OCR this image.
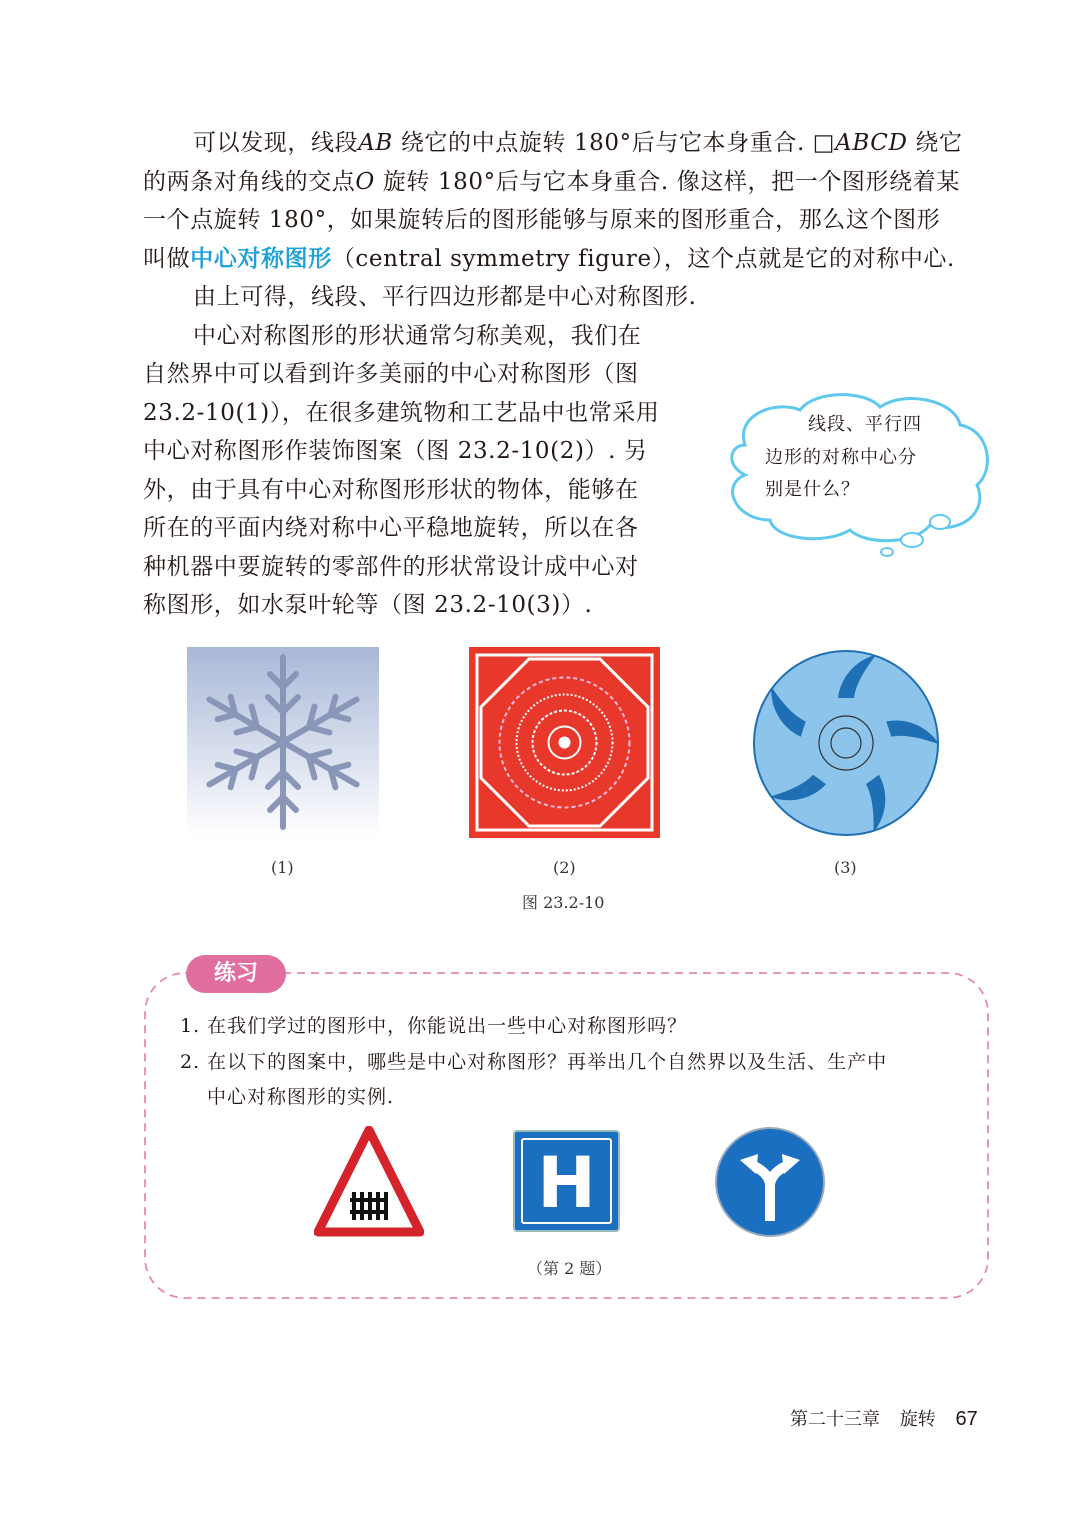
可以发现，线段AB 绕它的中点旋转 180°后与它本身重合. □ABCD 绕它
的两条对角线的交点O 旋转 180°后与它本身重合. 像这样，把一个图形绕着某
一个点旋转 180°，如果旋转后的图形能够与原来的图形重合，那么这个图形
叫做中心对称图形（central symmetry figure），这个点就是它的对称中心.
由上可得，线段、平行四边形都是中心对称图形.
中心对称图形的形状通常匀称美观，我们在
自然界中可以看到许多美丽的中心对称图形（图
23.2-10(1)），在很多建筑物和工艺品中也常采用
中心对称图形作装饰图案（图 23.2-10(2)）. 另
外，由于具有中心对称图形形状的物体，能够在
所在的平面内绕对称中心平稳地旋转，所以在各
种机器中要旋转的零部件的形状常设计成中心对
称图形，如水泵叶轮等（图 23.2-10(3)）.
线段、平行四
边形的对称中心分
别是什么？
(1)	(2)	(3)
图 23.2-10
练习
1. 在我们学过的图形中，你能说出一些中心对称图形吗？
2. 在以下的图案中，哪些是中心对称图形？再举出几个自然界以及生活、生产中
中心对称图形的实例.
H
（第 2 题）
第二十三章 旋转 67
